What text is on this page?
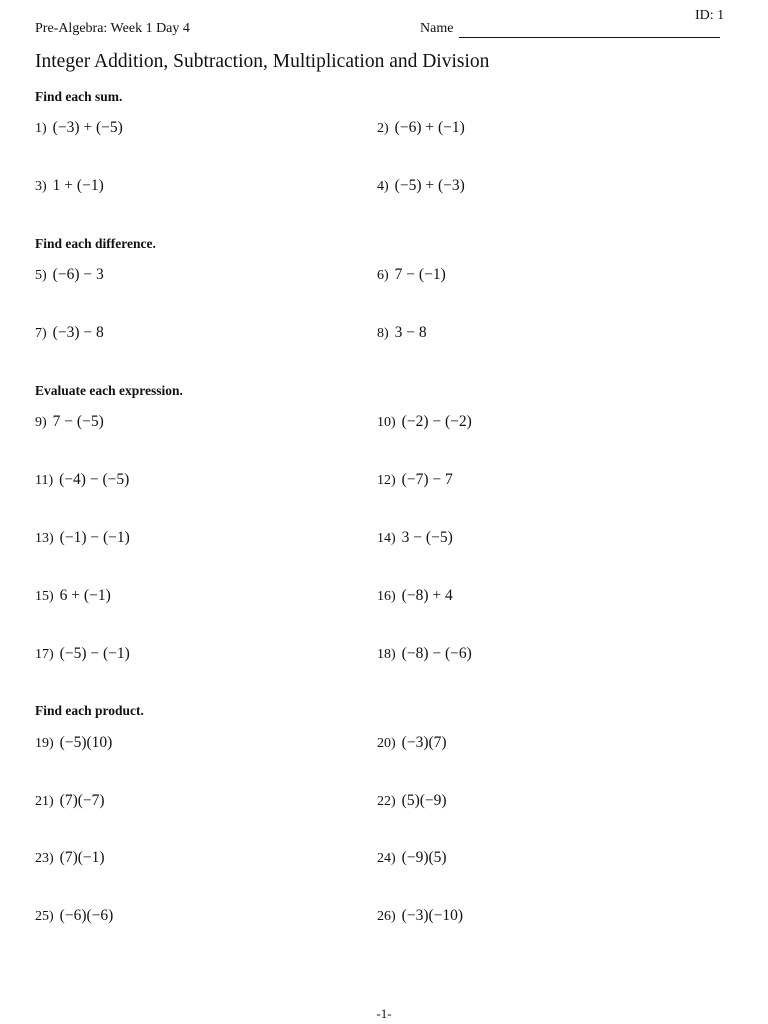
ID: 1
Pre-Algebra: Week 1 Day 4	Name
Integer Addition, Subtraction, Multiplication and Division
Find each sum.
1) (−3) + (−5)	2) (−6) + (−1)
3) 1 + (−1)	4) (−5) + (−3)
Find each difference.
5) (−6) − 3	6) 7 − (−1)
7) (−3) − 8	8) 3 − 8
Evaluate each expression.
9) 7 − (−5)	10) (−2) − (−2)
11) (−4) − (−5)	12) (−7) − 7
13) (−1) − (−1)	14) 3 − (−5)
15) 6 + (−1)	16) (−8) + 4
17) (−5) − (−1)	18) (−8) − (−6)
Find each product.
19) (−5)(10)	20) (−3)(7)
21) (7)(−7)	22) (5)(−9)
23) (7)(−1)	24) (−9)(5)
25) (−6)(−6)	26) (−3)(−10)
-1-
